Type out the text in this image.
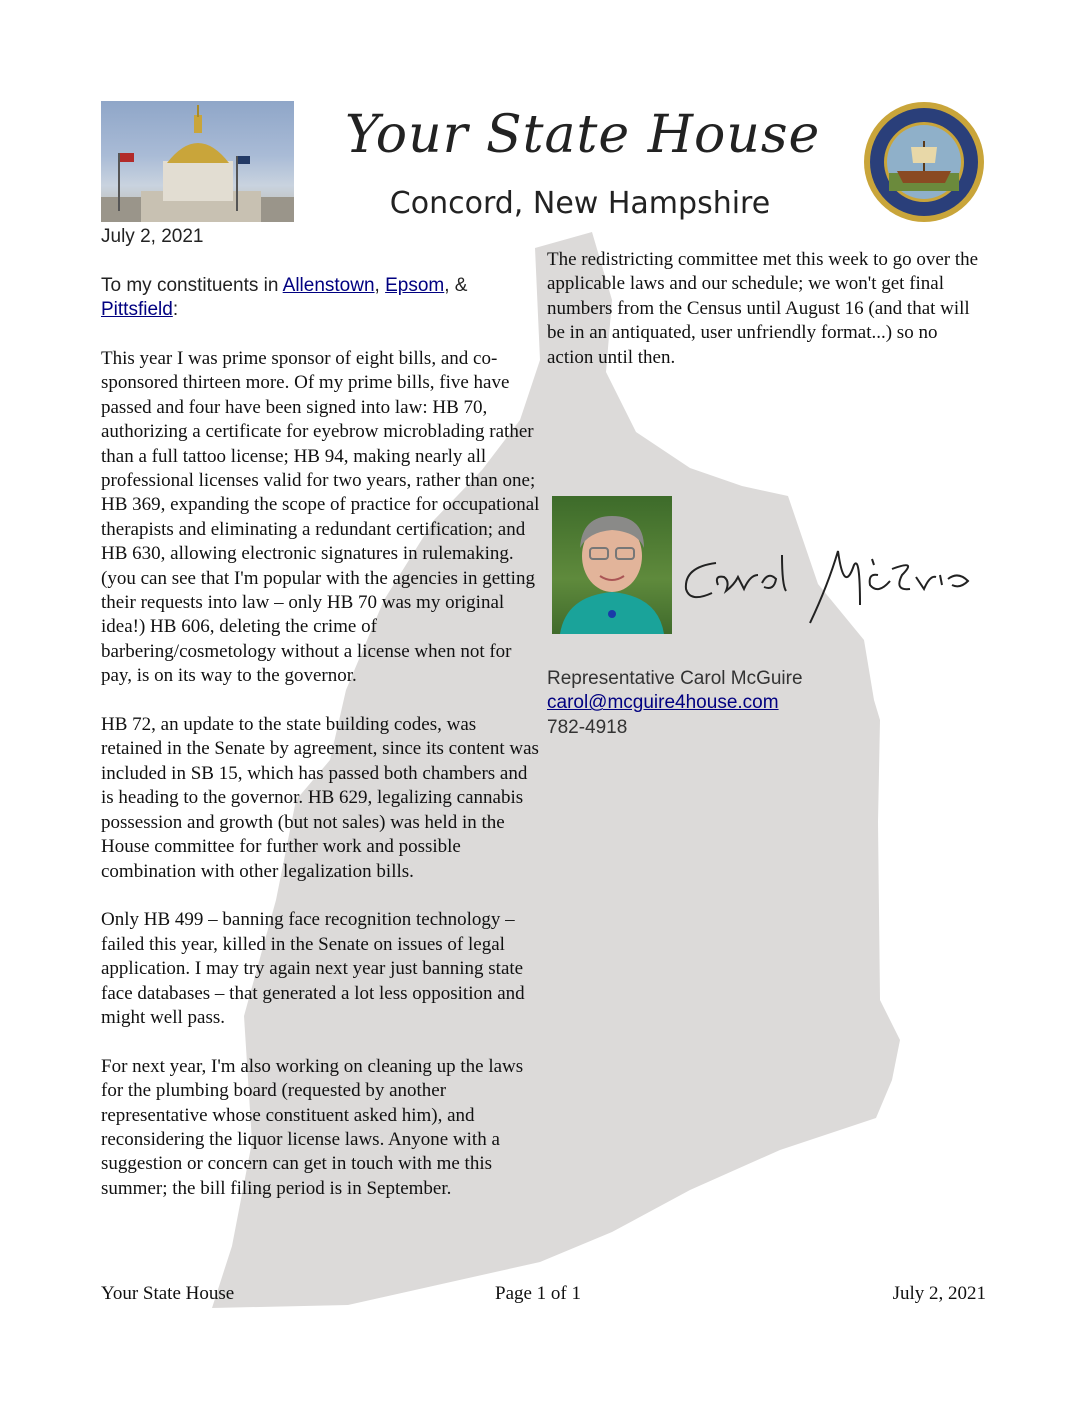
Your State House
Concord, New Hampshire
July 2, 2021
To my constituents in Allenstown, Epsom, & Pittsfield:

This year I was prime sponsor of eight bills, and co-sponsored thirteen more. Of my prime bills, five have passed and four have been signed into law: HB 70, authorizing a certificate for eyebrow microblading rather than a full tattoo license; HB 94, making nearly all professional licenses valid for two years, rather than one; HB 369, expanding the scope of practice for occupational therapists and eliminating a redundant certification; and HB 630, allowing electronic signatures in rulemaking. (you can see that I'm popular with the agencies in getting their requests into law – only HB 70 was my original idea!) HB 606, deleting the crime of barbering/cosmetology without a license when not for pay, is on its way to the governor.

HB 72, an update to the state building codes, was retained in the Senate by agreement, since its content was included in SB 15, which has passed both chambers and is heading to the governor. HB 629, legalizing cannabis possession and growth (but not sales) was held in the House committee for further work and possible combination with other legalization bills.

Only HB 499 – banning face recognition technology – failed this year, killed in the Senate on issues of legal application. I may try again next year just banning state face databases – that generated a lot less opposition and might well pass.

For next year, I'm also working on cleaning up the laws for the plumbing board (requested by another representative whose constituent asked him), and reconsidering the liquor license laws. Anyone with a suggestion or concern can get in touch with me this summer; the bill filing period is in September.

The redistricting committee met this week to go over the applicable laws and our schedule; we won't get final numbers from the Census until August 16 (and that will be in an antiquated, user unfriendly format...) so no action until then.

Representative Carol McGuire
carol@mcguire4house.com
782-4918
Your State House	Page 1 of 1	July 2, 2021
